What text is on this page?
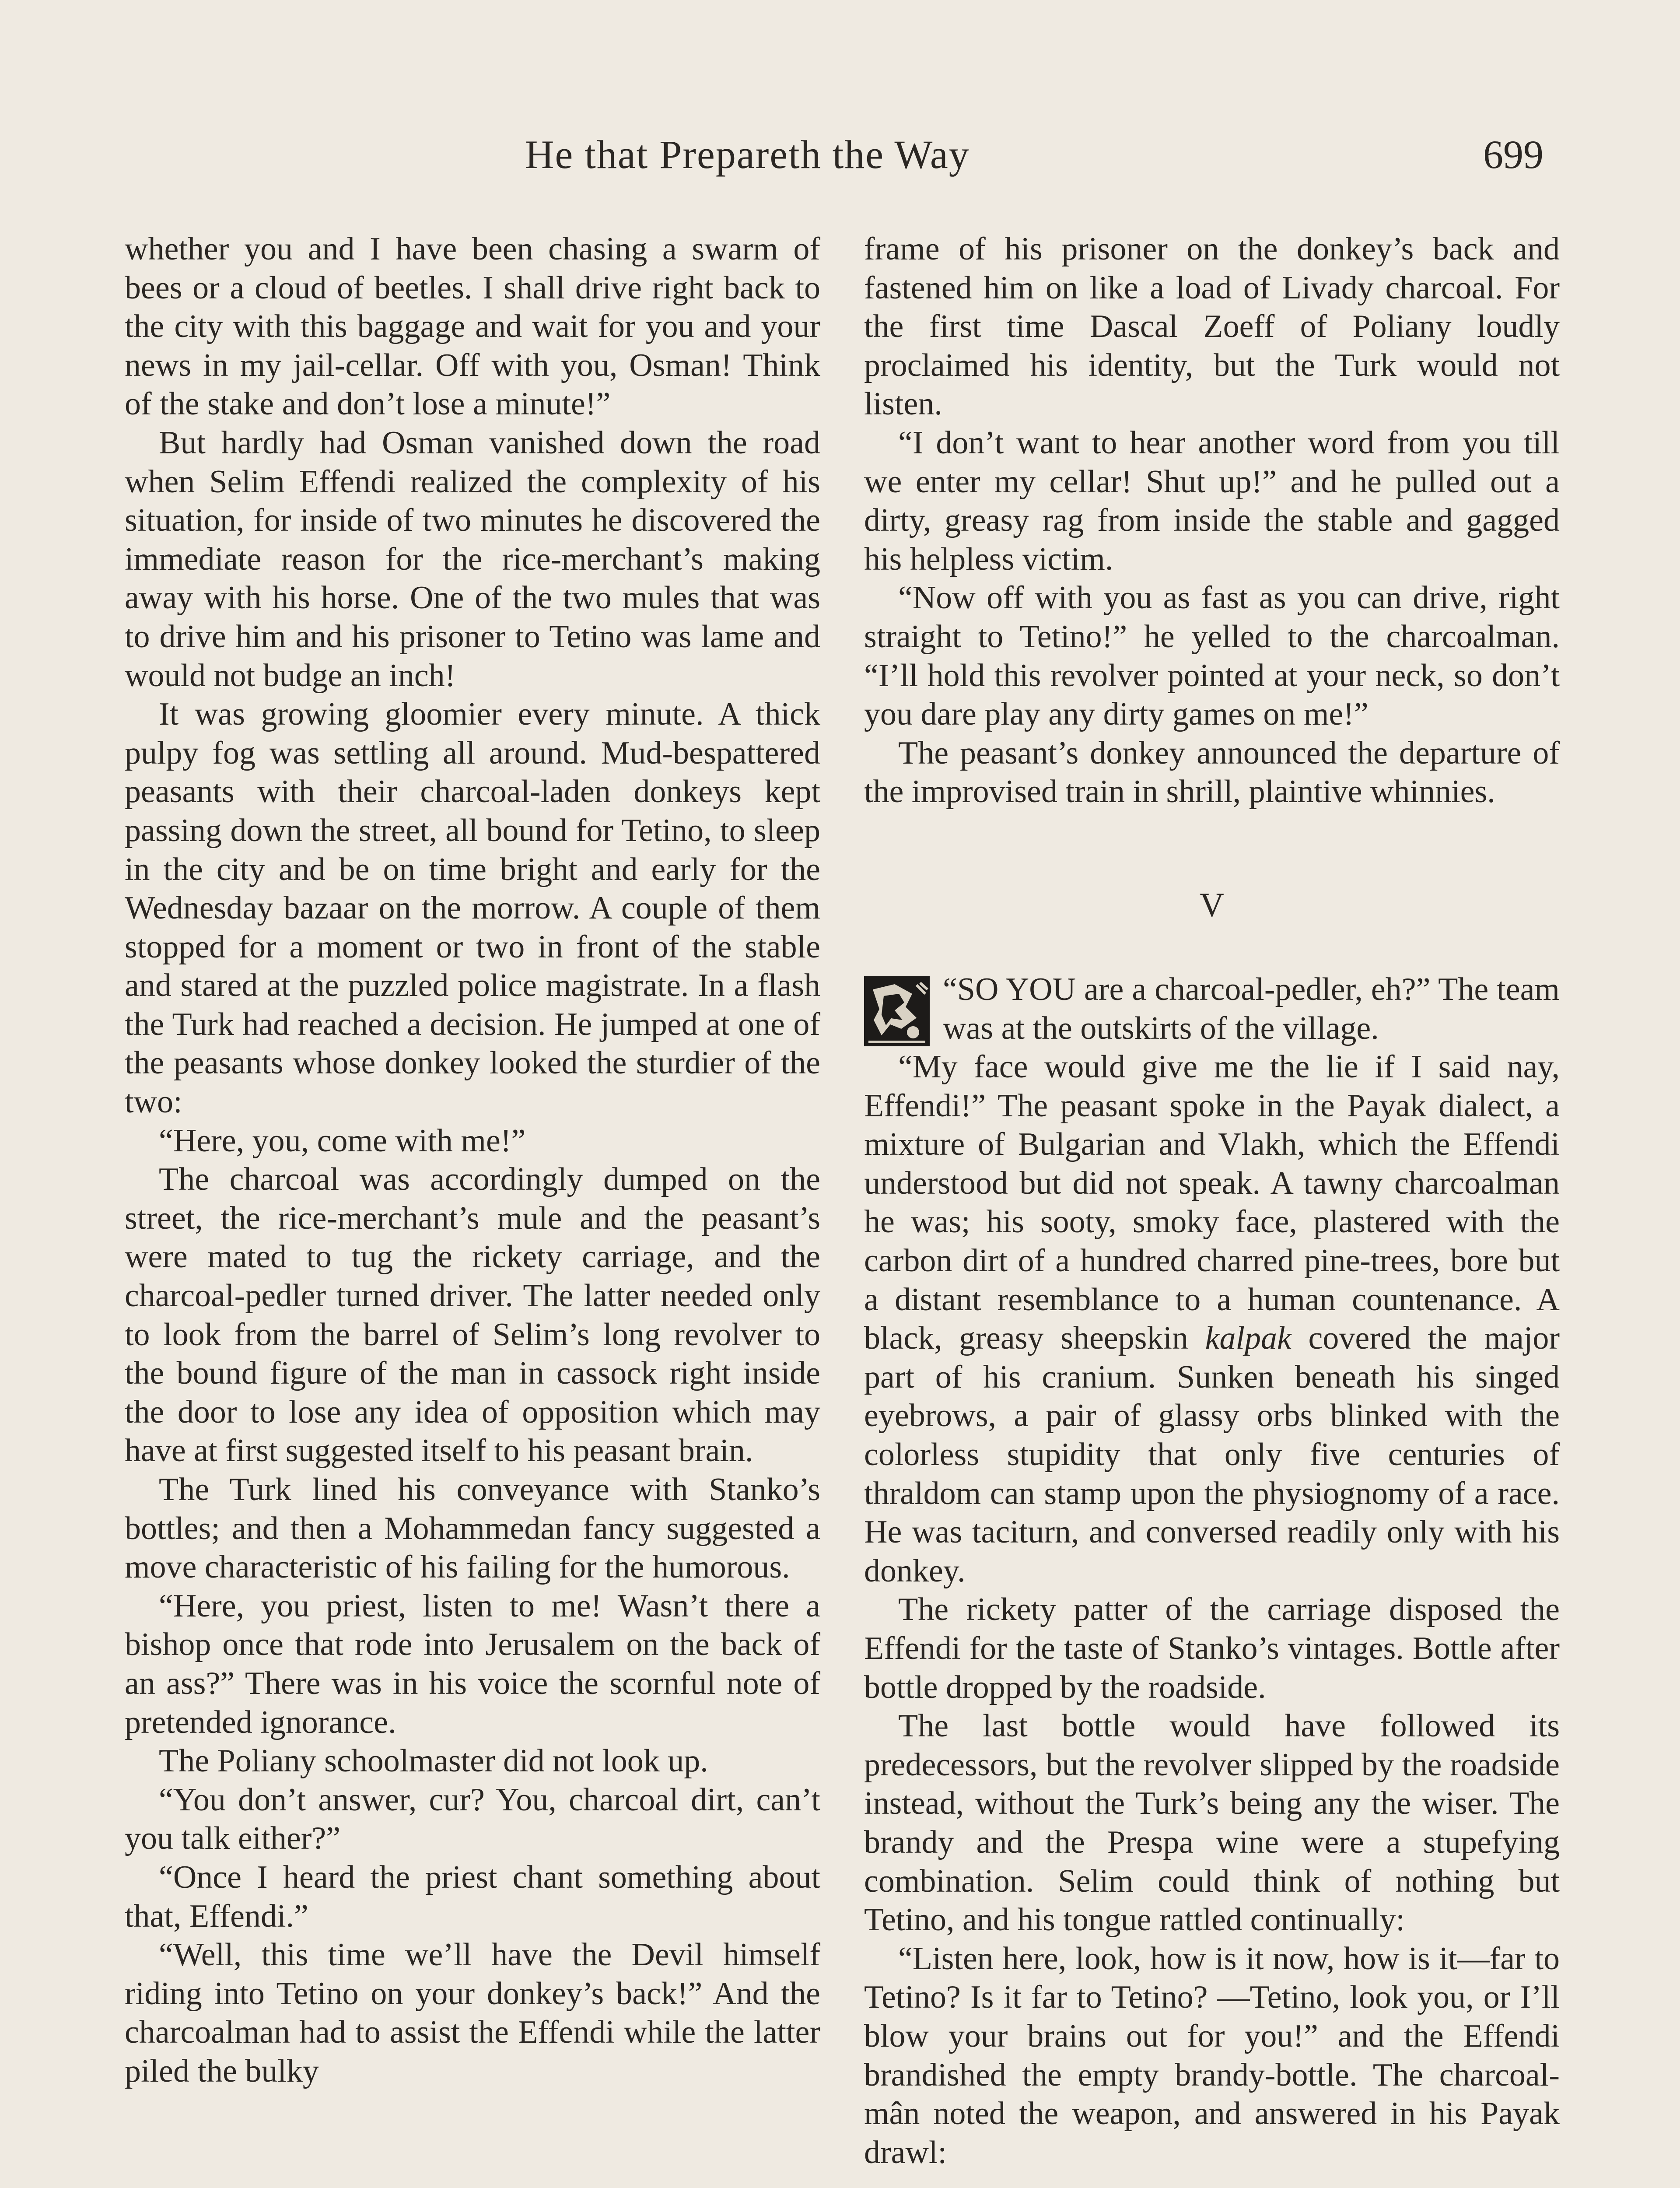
He that Prepareth the Way	699

whether you and I have been chasing a swarm of bees or a cloud of beetles. I shall drive right back to the city with this baggage and wait for you and your news in my jail-cellar. Off with you, Osman! Think of the stake and don’t lose a minute!”

But hardly had Osman vanished down the road when Selim Effendi realized the complexity of his situation, for inside of two minutes he discovered the immediate reason for the rice-merchant’s making away with his horse. One of the two mules that was to drive him and his prisoner to Tetino was lame and would not budge an inch!

It was growing gloomier every minute. A thick pulpy fog was settling all around. Mud-bespattered peasants with their charcoal-laden donkeys kept passing down the street, all bound for Tetino, to sleep in the city and be on time bright and early for the Wednesday bazaar on the morrow. A couple of them stopped for a moment or two in front of the stable and stared at the puzzled police magistrate. In a flash the Turk had reached a decision. He jumped at one of the peasants whose donkey looked the sturdier of the two:

“Here, you, come with me!”

The charcoal was accordingly dumped on the street, the rice-merchant’s mule and the peasant’s were mated to tug the rickety carriage, and the charcoal-pedler turned driver. The latter needed only to look from the barrel of Selim’s long revolver to the bound figure of the man in cassock right inside the door to lose any idea of opposition which may have at first suggested itself to his peasant brain.

The Turk lined his conveyance with Stanko’s bottles; and then a Mohammedan fancy suggested a move characteristic of his failing for the humorous.

“Here, you priest, listen to me! Wasn’t there a bishop once that rode into Jerusalem on the back of an ass?” There was in his voice the scornful note of pretended ignorance.

The Poliany schoolmaster did not look up.

“You don’t answer, cur? You, charcoal dirt, can’t you talk either?”

“Once I heard the priest chant something about that, Effendi.”

“Well, this time we’ll have the Devil himself riding into Tetino on your donkey’s back!” And the charcoalman had to assist the Effendi while the latter piled the bulky

frame of his prisoner on the donkey’s back and fastened him on like a load of Livady charcoal. For the first time Dascal Zoeff of Poliany loudly proclaimed his identity, but the Turk would not listen.

“I don’t want to hear another word from you till we enter my cellar! Shut up!” and he pulled out a dirty, greasy rag from inside the stable and gagged his helpless victim.

“Now off with you as fast as you can drive, right straight to Tetino!” he yelled to the charcoalman. “I’ll hold this revolver pointed at your neck, so don’t you dare play any dirty games on me!”

The peasant’s donkey announced the departure of the improvised train in shrill, plaintive whinnies.

V

“SO YOU are a charcoal-pedler, eh?” The team was at the outskirts of the village.

“My face would give me the lie if I said nay, Effendi!” The peasant spoke in the Payak dialect, a mixture of Bulgarian and Vlakh, which the Effendi understood but did not speak. A tawny charcoalman he was; his sooty, smoky face, plastered with the carbon dirt of a hundred charred pine-trees, bore but a distant resemblance to a human countenance. A black, greasy sheepskin kalpak covered the major part of his cranium. Sunken beneath his singed eyebrows, a pair of glassy orbs blinked with the colorless stupidity that only five centuries of thraldom can stamp upon the physiognomy of a race. He was taciturn, and conversed readily only with his donkey.

The rickety patter of the carriage disposed the Effendi for the taste of Stanko’s vintages. Bottle after bottle dropped by the roadside.

The last bottle would have followed its predecessors, but the revolver slipped by the roadside instead, without the Turk’s being any the wiser. The brandy and the Prespa wine were a stupefying combination. Selim could think of nothing but Tetino, and his tongue rattled continually:

“Listen here, look, how is it now, how is it—far to Tetino? Is it far to Tetino? —Tetino, look you, or I’ll blow your brains out for you!” and the Effendi brandished the empty brandy-bottle. The charcoalmân noted the weapon, and answered in his Payak drawl:
